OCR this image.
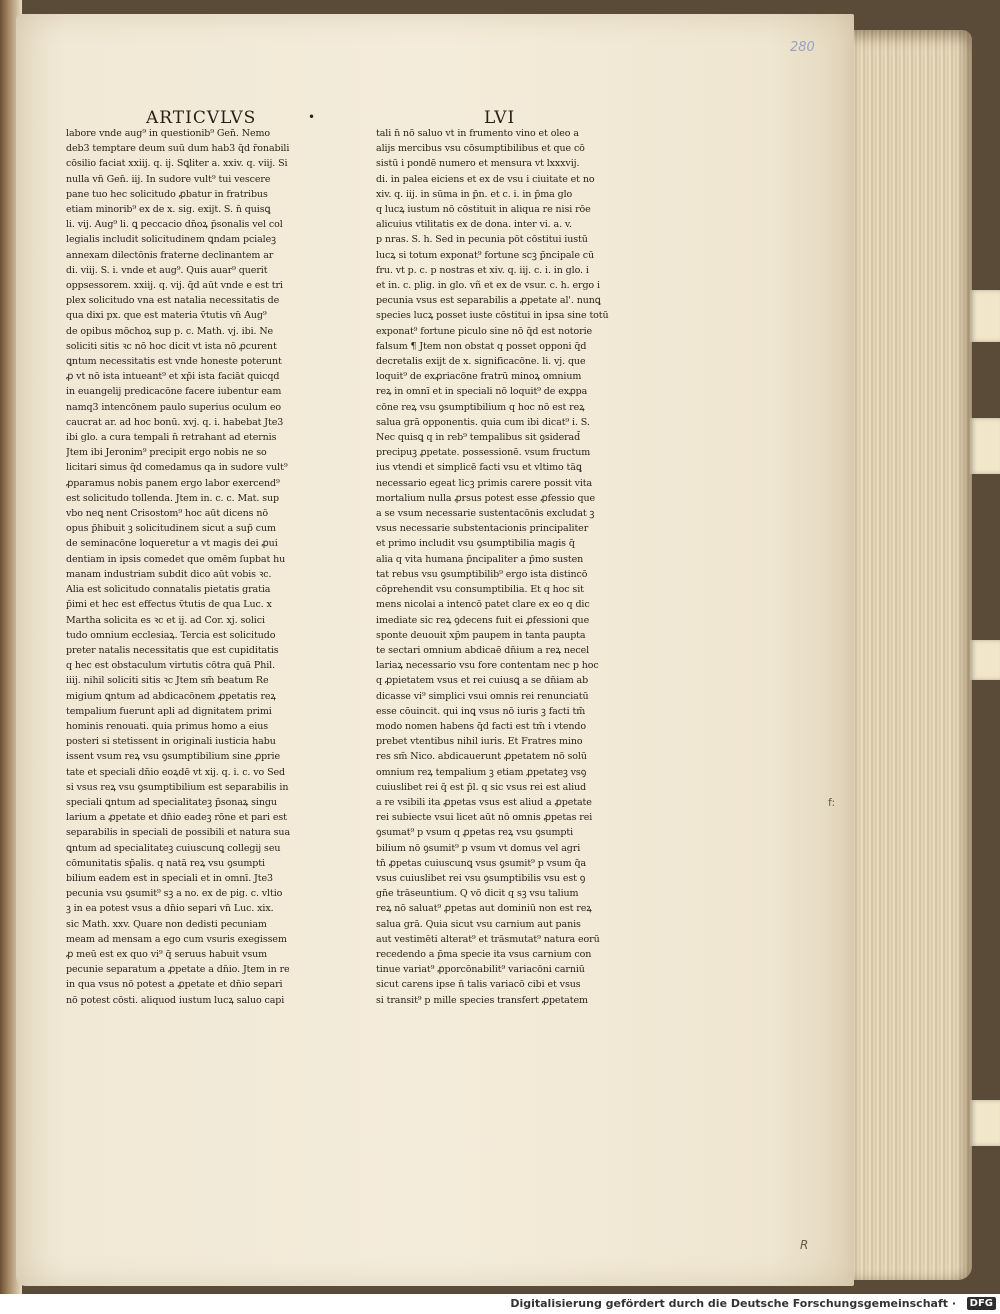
280
ARTICVLVS	•	LVI
labore vnde aug⁹ in questionib⁹ Gen̄. Nemo
deb3 temptare deum suū dum hab3 q̄d r̄onabili
cōsilio faciat xxiij. q. ij. Sꝗliter a. xxiv. q. viij. Si
nulla vn̄ Gen̄. iij. In sudore vult⁹ tui vescere
pane tuo hec solicitudo ꝓbatur in fratribus
etiam minorib⁹ ex de x. sig. exijt. S. n̄ quisꝗ
li. vij. Aug⁹ li. ꝗ peccacio dn̄oꝝ p̄sonalis vel col
legialis includit solicitudinem ꝗndam pcialeꝫ
annexam dilectōnis fraterne declinantem ar
di. viij. S. i. vnde et aug⁹. Quis auar⁹ querit
oppsessorem. xxiij. q. vij. q̄d aūt vnde e est tri
plex solicitudo vna est natalia necessitatis de
qua dixi px. que est materia v̄tutis vn̄ Aug⁹
de opibus mōchoꝝ sup p. c. Math. vj. ibi. Ne
soliciti sitis ꝛc nō hoc dicit vt ista nō ꝓcurent
ꝗntum necessitatis est vnde honeste poterunt
ꝓ vt nō ista intueant⁹ et xp̄i ista faciāt quicqd
in euangelij predicacōne facere iubentur eam
namq3 intencōnem paulo superius oculum eo
caucrat ar. ad hoc bonū. xvj. q. i. habebat Jte3
ibi glo. a cura tempali n̄ retrahant ad eternis
Jtem ibi Jeronim⁹ precipit ergo nobis ne so
licitari simus q̄d comedamus qa in sudore vult⁹
ꝓparamus nobis panem ergo labor exercend⁹
est solicitudo tollenda. Jtem in. c. c. Mat. sup
vbo neꝗ nent Crisostom⁹ hoc aūt dicens nō
opus p̄hibuit ꝫ solicitudinem sicut a sup̄ cum
de seminacōne loqueretur a vt magis dei ꝓui
dentiam in ipsis comedet que omēm ſupbat hu
manam industriam subdit dico aūt vobis ꝛc.
Alia est solicitudo connatalis pietatis gratia
p̄imi et hec est effectus v̄tutis de qua Luc. x
Martha solicita es ꝛc et ij. ad Cor. xj. solici
tudo omnium ecclesiaꝝ. Tercia est solicitudo
preter natalis necessitatis que est cupiditatis
q hec est obstaculum virtutis cōtra quā Phil.
iiij. nihil soliciti sitis ꝛc Jtem sm̄ beatum Re
migium ꝗntum ad abdicacōnem ꝓpetatis reꝝ
tempalium fuerunt apli ad dignitatem primi
hominis renouati. quia primus homo a eius
posteri si stetissent in originali iusticia habu
issent vsum reꝝ vsu ꝯsumptibilium sine ꝓprie
tate et speciali dn̄io eoꝝdē vt xij. q. i. c. vo Sed
si vsus reꝝ vsu ꝯsumptibilium est separabilis in
speciali ꝗntum ad specialitateꝫ p̄sonaꝝ singu
larium a ꝓpetate et dn̄io eadeꝫ rōne et pari est
separabilis in speciali de possibili et natura sua
ꝗntum ad specialitateꝫ cuiuscunꝗ collegij seu
cōmunitatis sp̄alis. q natā reꝝ vsu ꝯsumpti
bilium eadem est in speciali et in omnī. Jte3
pecunia vsu ꝯsumit⁹ sꝫ a no. ex de pig. c. vltio
ꝫ in ea potest vsus a dn̄io separi vn̄ Luc. xix.
sic Math. xxv. Quare non dedisti pecuniam
meam ad mensam a ego cum vsuris exegissem
ꝓ meū est ex quo vi⁹ q̄ seruus habuit vsum
pecunie separatum a ꝓpetate a dn̄io. Jtem in re
in qua vsus nō potest a ꝓpetate et dn̄io separi
nō potest cōsti. aliquod iustum lucꝝ saluo capi
tali n̄ nō saluo vt in frumento vino et oleo a
alijs mercibus vsu cōsumptibilibus et que cō
sistū i pondē numero et mensura vt lxxxvij.
di. in palea eiciens et ex de vsu i ciuitate et no
xiv. q. iij. in sūma in p̄n. et c. i. in p̄ma glo
q lucꝝ iustum nō cōstituit in aliqua re nisi rōe
alicuius vtilitatis ex de dona. inter vi. a. v.
p nras. S. h. Sed in pecunia pōt cōstitui iustū
lucꝝ si totum exponat⁹ fortune scꝫ p̄ncipale cū
fru. vt p. c. p nostras et xiv. q. iij. c. i. in glo. i
et in. c. plig. in glo. vñ et ex de vsur. c. h. ergo i
pecunia vsus est separabilis a ꝓpetate al'. nunꝗ
species lucꝝ posset iuste cōstitui in ipsa sine totū
exponat⁹ fortune piculo sine nō q̄d est notorie
falsum ¶ Jtem non obstat q posset opponi q̄d
decretalis exijt de x. significacōne. li. vj. que
loquit⁹ de exꝓriacōne fratrū minoꝝ omnium
reꝝ in omnī et in speciali nō loquit⁹ de exꝓpa
cōne reꝝ vsu ꝯsumptibilium q hoc nō est reꝝ
salua grā opponentis. quia cum ibi dicat⁹ i. S.
Nec quisꝗ q in reb⁹ tempalibus sit ꝯsiderad̄
precipuꝫ ꝓpetate. possessionē. vsum fructum
ius vtendi et simplicē facti vsu et vltimo tāꝗ
necessario egeat licꝫ primis carere possit vita
mortalium nulla ꝓrsus potest esse ꝓfessio que
a se vsum necessarie sustentacōnis excludat ꝫ
vsus necessarie substentacionis principaliter
et primo includit vsu ꝯsumptibilia magis q̄
alia q vita humana p̄ncipaliter a p̄mo susten
tat rebus vsu ꝯsumptibilib⁹ ergo ista distincō
cōprehendit vsu consumptibilia. Et q hoc sit
mens nicolai a intencō patet clare ex eo q dic
imediate sic reꝝ ꝯdecens fuit ei ꝓfessioni que
sponte deuouit xp̄m paupem in tanta paupta
te sectari omnium abdicaē dn̄ium a reꝝ necel
lariaꝝ necessario vsu fore contentam nec p hoc
q ꝓpietatem vsus et rei cuiusꝗ a se dn̄iam ab
dicasse vi⁹ simplici vsui omnis rei renunciatū
esse cōuincit. qui inꝗ vsus nō iuris ꝫ facti tm̄
modo nomen habens q̄d facti est tm̄ i vtendo
prebet vtentibus nihil iuris. Et Fratres mino
res sm̄ Nico. abdicauerunt ꝓpetatem nō solū
omnium reꝝ tempalium ꝫ etiam ꝓpetateꝫ vsꝯ
cuiuslibet rei q̄ est p̄l. q sic vsus rei est aliud
a re vsibili ita ꝓpetas vsus est aliud a ꝓpetate
rei subiecte vsui licet aūt nō omnis ꝓpetas rei
ꝯsumat⁹ p vsum q ꝓpetas reꝝ vsu ꝯsumpti
bilium nō ꝯsumit⁹ p vsum vt domus vel agri
tn̄ ꝓpetas cuiuscunꝗ vsus ꝯsumit⁹ p vsum q̄a
vsus cuiuslibet rei vsu ꝯsumptibilis vsu est ꝯ
gn̄e trāseuntium. Q vō dicit q sꝫ vsu talium
reꝝ nō saluat⁹ ꝓpetas aut dominiū non est reꝝ
salua grā. Quia sicut vsu carnium aut panis
aut vestimēti alterat⁹ et trāsmutat⁹ natura eorū
recedendo a p̄ma specie ita vsus carnium con
tinue variat⁹ ꝓporcōnabilit⁹ variacōni carniū
sicut carens ipse n̄ talis variacō cibi et vsus
si transit⁹ p mille species transfert ꝓpetatem
f:
R
Digitalisierung gefördert durch die Deutsche Forschungsgemeinschaft ·	DFG
